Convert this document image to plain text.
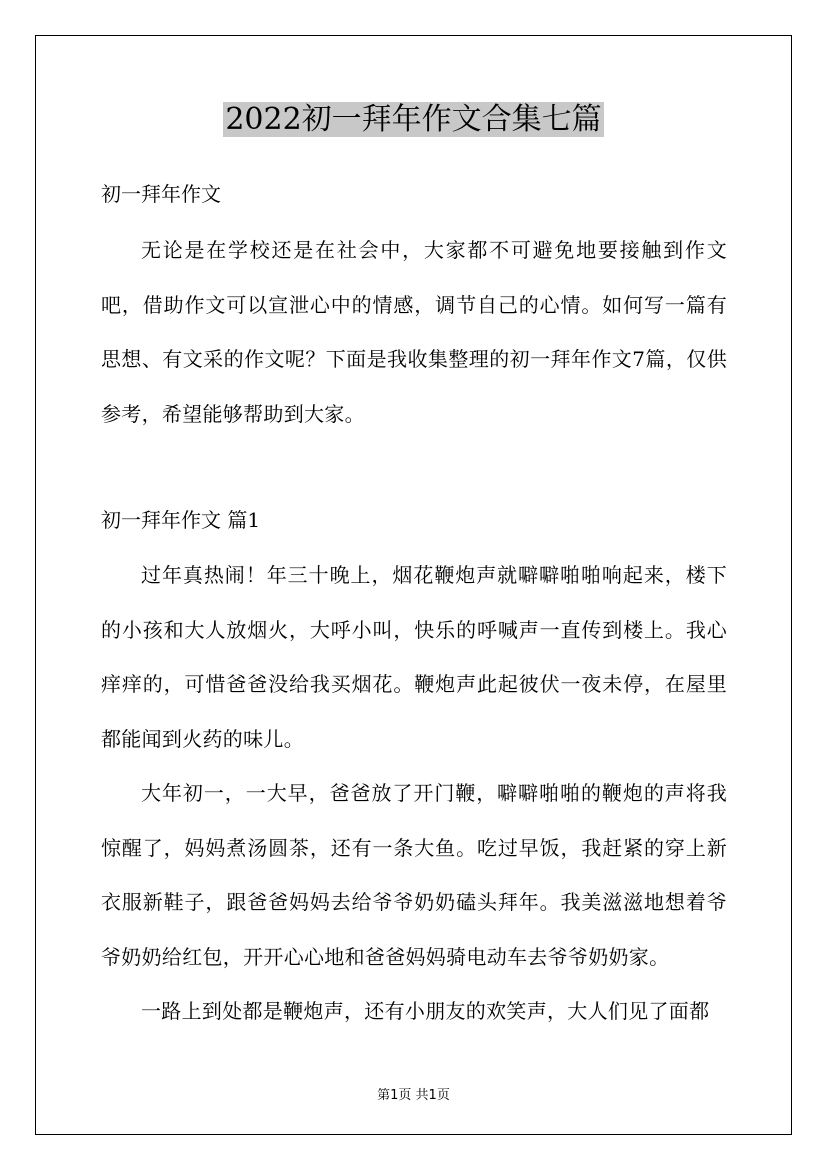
2022初一拜年作文合集七篇
初一拜年作文
无论是在学校还是在社会中，大家都不可避免地要接触到作文吧，借助作文可以宣泄心中的情感，调节自己的心情。如何写一篇有思想、有文采的作文呢？下面是我收集整理的初一拜年作文7篇，仅供参考，希望能够帮助到大家。
初一拜年作文 篇1
过年真热闹！年三十晚上，烟花鞭炮声就噼噼啪啪响起来，楼下的小孩和大人放烟火，大呼小叫，快乐的呼喊声一直传到楼上。我心痒痒的，可惜爸爸没给我买烟花。鞭炮声此起彼伏一夜未停，在屋里都能闻到火药的味儿。
大年初一，一大早，爸爸放了开门鞭，噼噼啪啪的鞭炮的声将我惊醒了，妈妈煮汤圆茶，还有一条大鱼。吃过早饭，我赶紧的穿上新衣服新鞋子，跟爸爸妈妈去给爷爷奶奶磕头拜年。我美滋滋地想着爷爷奶奶给红包，开开心心地和爸爸妈妈骑电动车去爷爷奶奶家。
一路上到处都是鞭炮声，还有小朋友的欢笑声，大人们见了面都
第1页 共1页
